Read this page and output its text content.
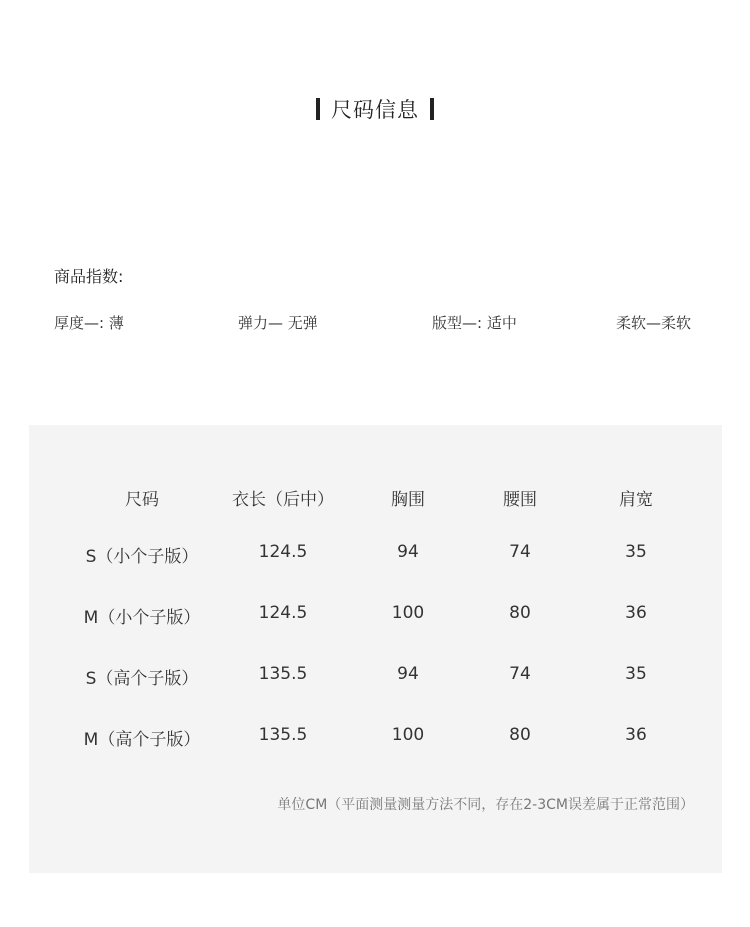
尺码信息
商品指数:
厚度—: 薄	弹力— 无弹	版型—: 适中	柔软—柔软
尺码	衣长（后中）	胸围	腰围	肩宽
S（小个子版）	124.5	94	74	35
M（小个子版）	124.5	100	80	36
S（高个子版）	135.5	94	74	35
M（高个子版）	135.5	100	80	36
单位CM（平面测量测量方法不同，存在2-3CM误差属于正常范围）
